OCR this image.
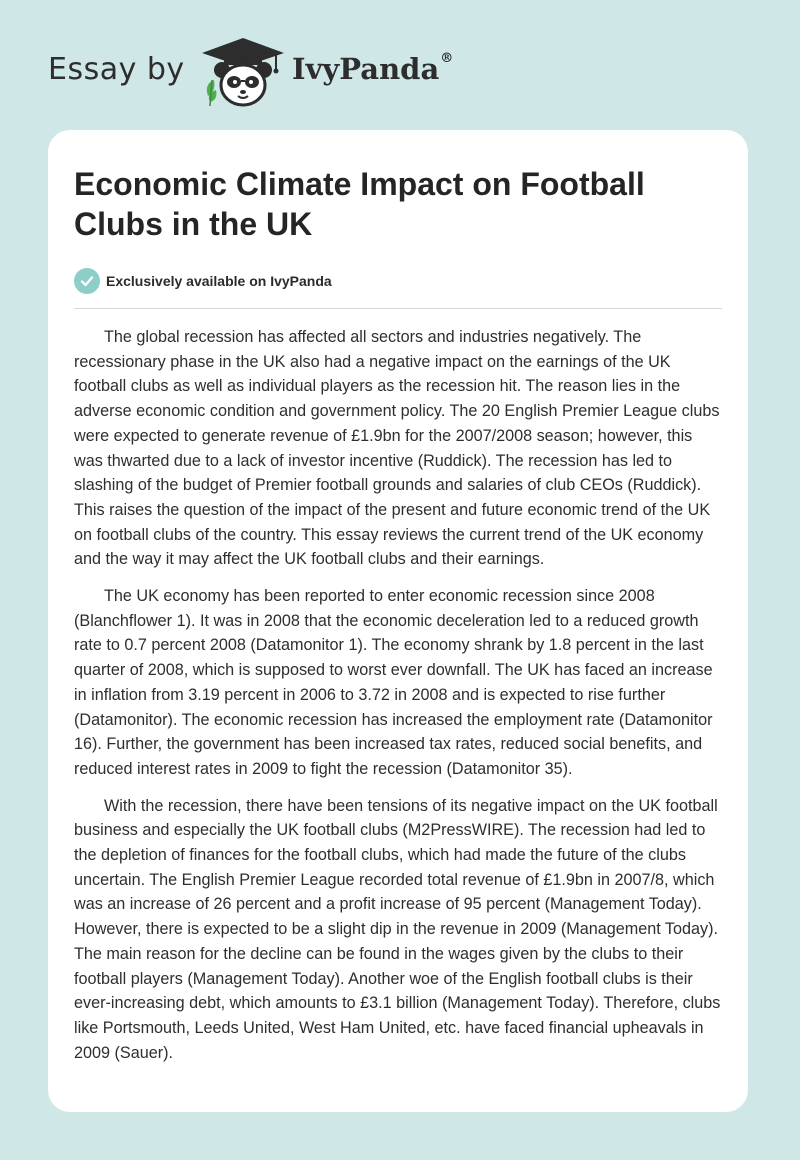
Essay by	IvyPanda®
Economic Climate Impact on Football Clubs in the UK
Exclusively available on IvyPanda

The global recession has affected all sectors and industries negatively. The recessionary phase in the UK also had a negative impact on the earnings of the UK football clubs as well as individual players as the recession hit. The reason lies in the adverse economic condition and government policy. The 20 English Premier League clubs were expected to generate revenue of £1.9bn for the 2007/2008 season; however, this was thwarted due to a lack of investor incentive (Ruddick). The recession has led to slashing of the budget of Premier football grounds and salaries of club CEOs (Ruddick). This raises the question of the impact of the present and future economic trend of the UK on football clubs of the country. This essay reviews the current trend of the UK economy and the way it may affect the UK football clubs and their earnings.

The UK economy has been reported to enter economic recession since 2008 (Blanchflower 1). It was in 2008 that the economic deceleration led to a reduced growth rate to 0.7 percent 2008 (Datamonitor 1). The economy shrank by 1.8 percent in the last quarter of 2008, which is supposed to worst ever downfall. The UK has faced an increase in inflation from 3.19 percent in 2006 to 3.72 in 2008 and is expected to rise further (Datamonitor). The economic recession has increased the employment rate (Datamonitor 16). Further, the government has been increased tax rates, reduced social benefits, and reduced interest rates in 2009 to fight the recession (Datamonitor 35).

With the recession, there have been tensions of its negative impact on the UK football business and especially the UK football clubs (M2PressWIRE). The recession had led to the depletion of finances for the football clubs, which had made the future of the clubs uncertain. The English Premier League recorded total revenue of £1.9bn in 2007/8, which was an increase of 26 percent and a profit increase of 95 percent (Management Today). However, there is expected to be a slight dip in the revenue in 2009 (Management Today). The main reason for the decline can be found in the wages given by the clubs to their football players (Management Today). Another woe of the English football clubs is their ever-increasing debt, which amounts to £3.1 billion (Management Today). Therefore, clubs like Portsmouth, Leeds United, West Ham United, etc. have faced financial upheavals in 2009 (Sauer).
